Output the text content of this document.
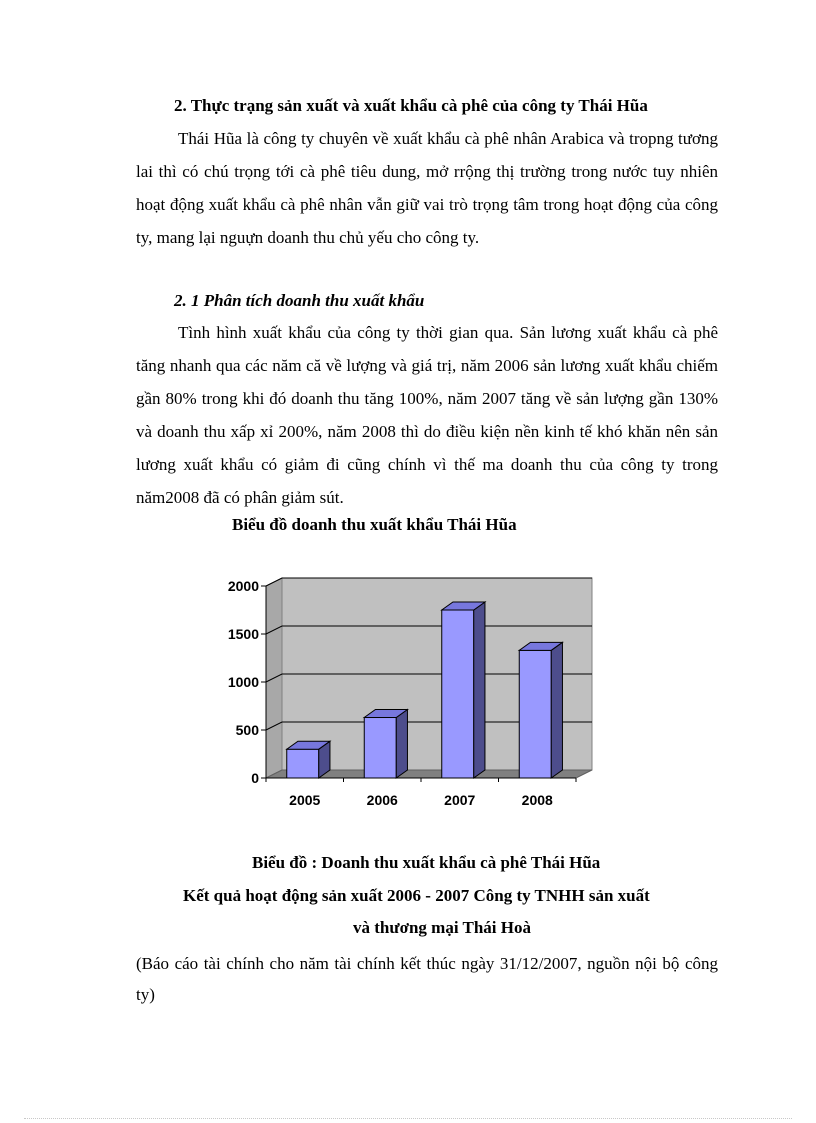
2. Thực trạng sản xuất và xuất khẩu cà phê của công ty Thái Hũa
Thái Hũa là công ty chuyên về xuất khẩu cà phê nhân Arabica và tropng tương lai thì có chú trọng tới cà phê tiêu dung, mở rrộng thị trường trong nước tuy nhiên hoạt động xuất khẩu cà phê nhân vẫn giữ vai trò trọng tâm trong hoạt động của công ty, mang lại nguựn doanh thu chủ yếu cho công ty.
2. 1 Phân tích doanh thu xuất khẩu
Tình hình xuất khẩu của công ty thời gian qua. Sản lương xuất khẩu cà phê tăng nhanh qua các năm că về lượng và giá trị, năm 2006 sản lương xuất khẩu chiếm gần 80% trong khi đó doanh thu tăng 100%, năm 2007 tăng về sản lượng gần 130% và doanh thu xấp xỉ 200%, năm 2008 thì do điều kiện nền kinh tế khó khăn nên sản lương xuất khẩu có giảm đi cũng chính vì thế ma doanh thu của công ty trong năm2008 đã có phân giảm sút.
Biểu đồ doanh thu xuất khẩu Thái Hũa
0
500
1000
1500
2000
2005	2006	2007	2008
Biểu đồ : Doanh thu xuất khẩu cà phê Thái Hũa
Kết quả hoạt động sản xuất 2006 - 2007 Công ty TNHH sản xuất
và thương mại Thái Hoà
(Báo cáo tài chính cho năm tài chính kết thúc ngày 31/12/2007, nguồn nội bộ công ty)
